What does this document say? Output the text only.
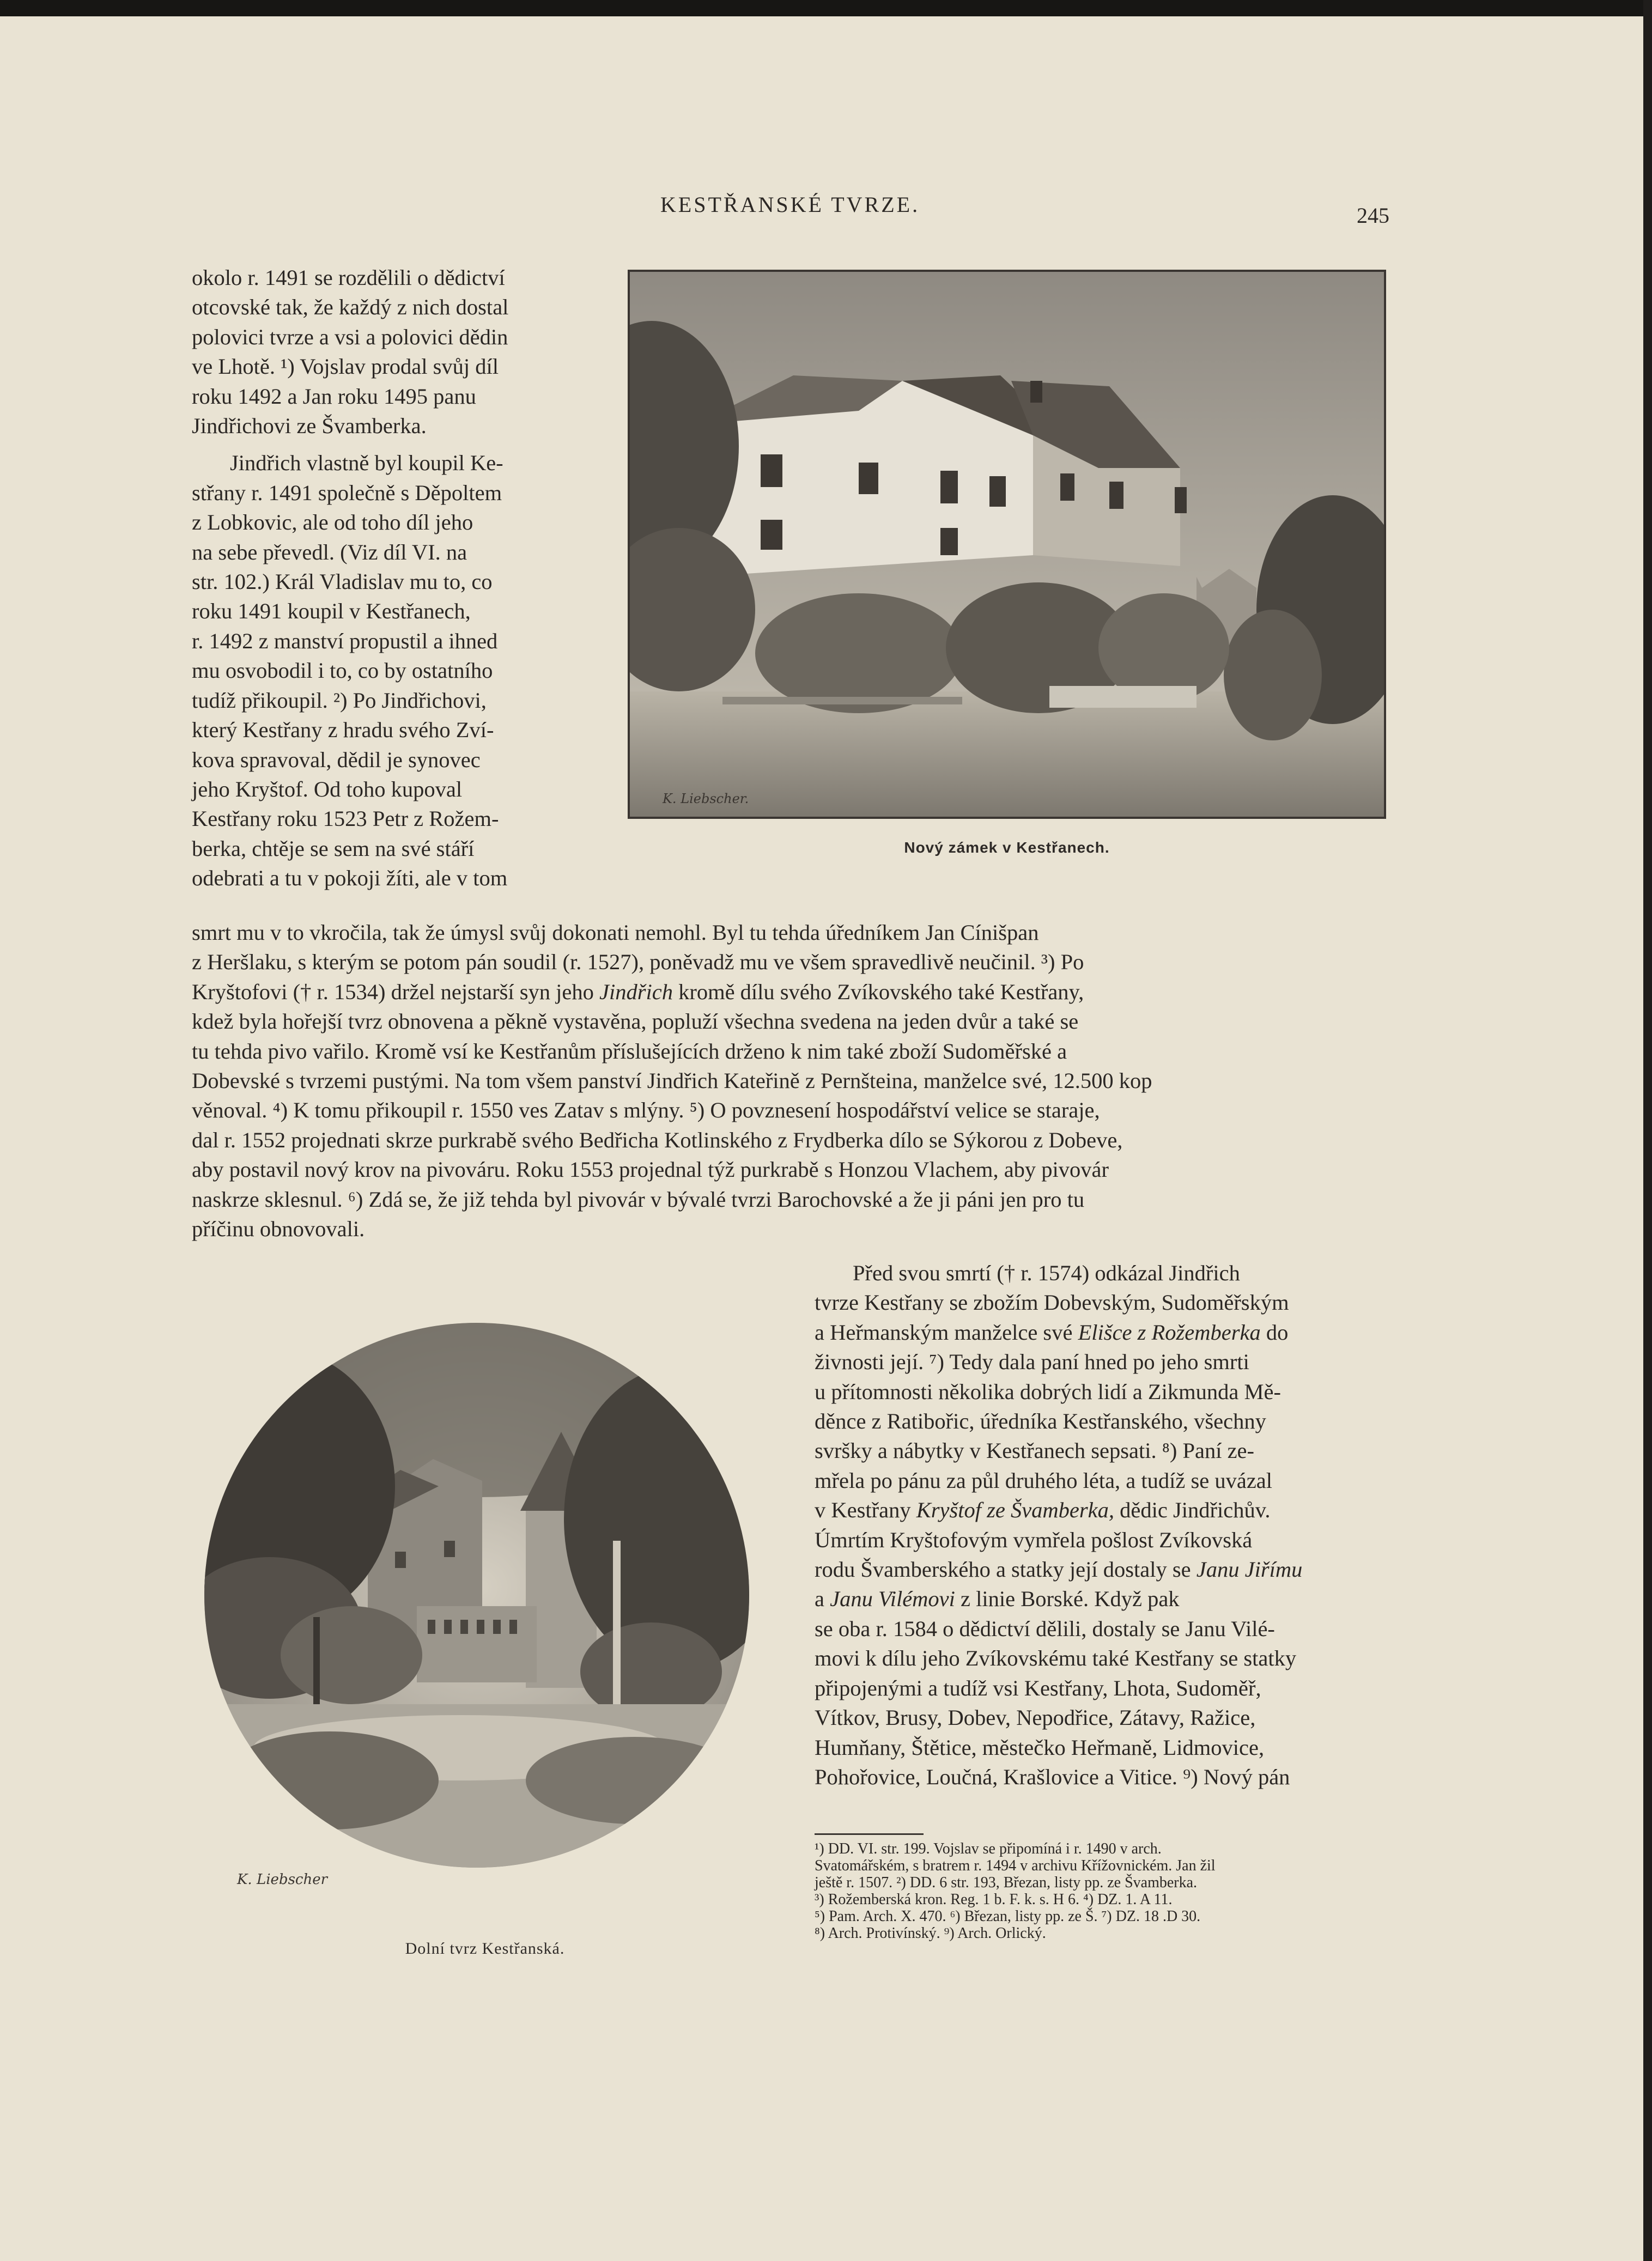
KESTŘANSKÉ TVRZE.	245
okolo r. 1491 se rozdělili o dědictví
otcovské tak, že každý z nich dostal
polovici tvrze a vsi a polovici dědin
ve Lhotě. ¹) Vojslav prodal svůj díl
roku 1492 a Jan roku 1495 panu
Jindřichovi ze Švamberka.
Jindřich vlastně byl koupil Ke-
střany r. 1491 společně s Děpoltem
z Lobkovic, ale od toho díl jeho
na sebe převedl. (Viz díl VI. na
str. 102.) Král Vladislav mu to, co
roku 1491 koupil v Kestřanech,
r. 1492 z manství propustil a ihned
mu osvobodil i to, co by ostatního
tudíž přikoupil. ²) Po Jindřichovi,
který Kestřany z hradu svého Zví-
kova spravoval, dědil je synovec
jeho Kryštof. Od toho kupoval
Kestřany roku 1523 Petr z Rožem-
berka, chtěje se sem na své stáří
odebrati a tu v pokoji žíti, ale v tom
K. Liebscher.
Nový zámek v Kestřanech.
smrt mu v to vkročila, tak že úmysl svůj dokonati nemohl. Byl tu tehda úředníkem Jan Cínišpan
z Heršlaku, s kterým se potom pán soudil (r. 1527), poněvadž mu ve všem spravedlivě neučinil. ³) Po
Kryštofovi († r. 1534) držel nejstarší syn jeho Jindřich kromě dílu svého Zvíkovského také Kestřany,
kdež byla hořejší tvrz obnovena a pěkně vystavěna, popluží všechna svedena na jeden dvůr a také se
tu tehda pivo vařilo. Kromě vsí ke Kestřanům příslušejících drženo k nim také zboží Sudoměřské a
Dobevské s tvrzemi pustými. Na tom všem panství Jindřich Kateřině z Pernšteina, manželce své, 12.500 kop
věnoval. ⁴) K tomu přikoupil r. 1550 ves Zatav s mlýny. ⁵) O povznesení hospodářství velice se staraje,
dal r. 1552 projednati skrze purkrabě svého Bedřicha Kotlinského z Frydberka dílo se Sýkorou z Dobeve,
aby postavil nový krov na pivováru. Roku 1553 projednal týž purkrabě s Honzou Vlachem, aby pivovár
naskrze sklesnul. ⁶) Zdá se, že již tehda byl pivovár v bývalé tvrzi Barochovské a že ji páni jen pro tu
příčinu obnovovali.
Před svou smrtí († r. 1574) odkázal Jindřich
tvrze Kestřany se zbožím Dobevským, Sudoměřským
a Heřmanským manželce své Elišce z Rožemberka do
živnosti její. ⁷) Tedy dala paní hned po jeho smrti
u přítomnosti několika dobrých lidí a Zikmunda Mě-
děnce z Ratibořic, úředníka Kestřanského, všechny
svršky a nábytky v Kestřanech sepsati. ⁸) Paní ze-
mřela po pánu za půl druhého léta, a tudíž se uvázal
v Kestřany Kryštof ze Švamberka, dědic Jindřichův.
Úmrtím Kryštofovým vymřela pošlost Zvíkovská
rodu Švamberského a statky její dostaly se Janu Jiřímu
a Janu Vilémovi z linie Borské. Když pak
se oba r. 1584 o dědictví dělili, dostaly se Janu Vilé-
movi k dílu jeho Zvíkovskému také Kestřany se statky
připojenými a tudíž vsi Kestřany, Lhota, Sudoměř,
Vítkov, Brusy, Dobev, Nepodřice, Zátavy, Ražice,
Humňany, Štětice, městečko Heřmaně, Lidmovice,
Pohořovice, Loučná, Krašlovice a Vitice. ⁹) Nový pán
K. Liebscher
Dolní tvrz Kestřanská.
¹) DD. VI. str. 199. Vojslav se připomíná i r. 1490 v arch.
Svatomářském, s bratrem r. 1494 v archivu Křížovnickém. Jan žil
ještě r. 1507. ²) DD. 6 str. 193, Březan, listy pp. ze Švamberka.
³) Rožemberská kron. Reg. 1 b. F. k. s. H 6. ⁴) DZ. 1. A 11.
⁵) Pam. Arch. X. 470. ⁶) Březan, listy pp. ze Š. ⁷) DZ. 18 .D 30.
⁸) Arch. Protivínský. ⁹) Arch. Orlický.
